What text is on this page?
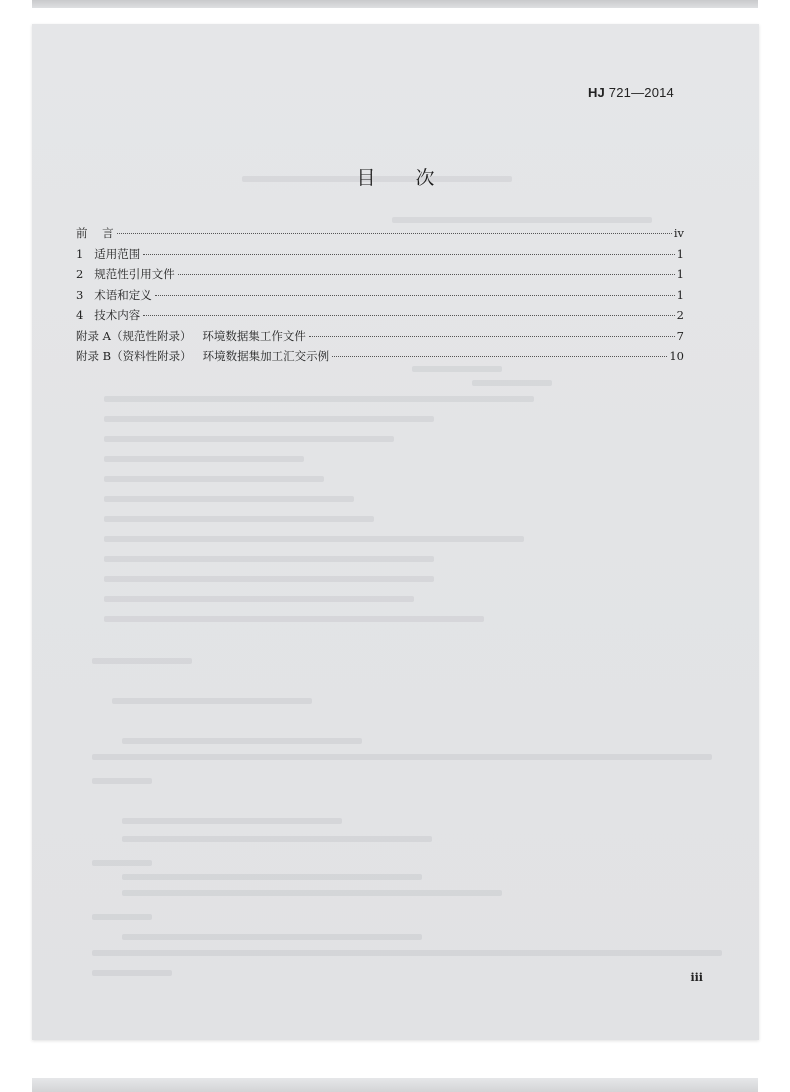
HJ 721—2014
目 次
前    言	iv
1   适用范围	1
2   规范性引用文件	1
3   术语和定义	1
4   技术内容	2
附录 A（规范性附录）   环境数据集工作文件	7
附录 B（资料性附录）   环境数据集加工汇交示例	10
iii
